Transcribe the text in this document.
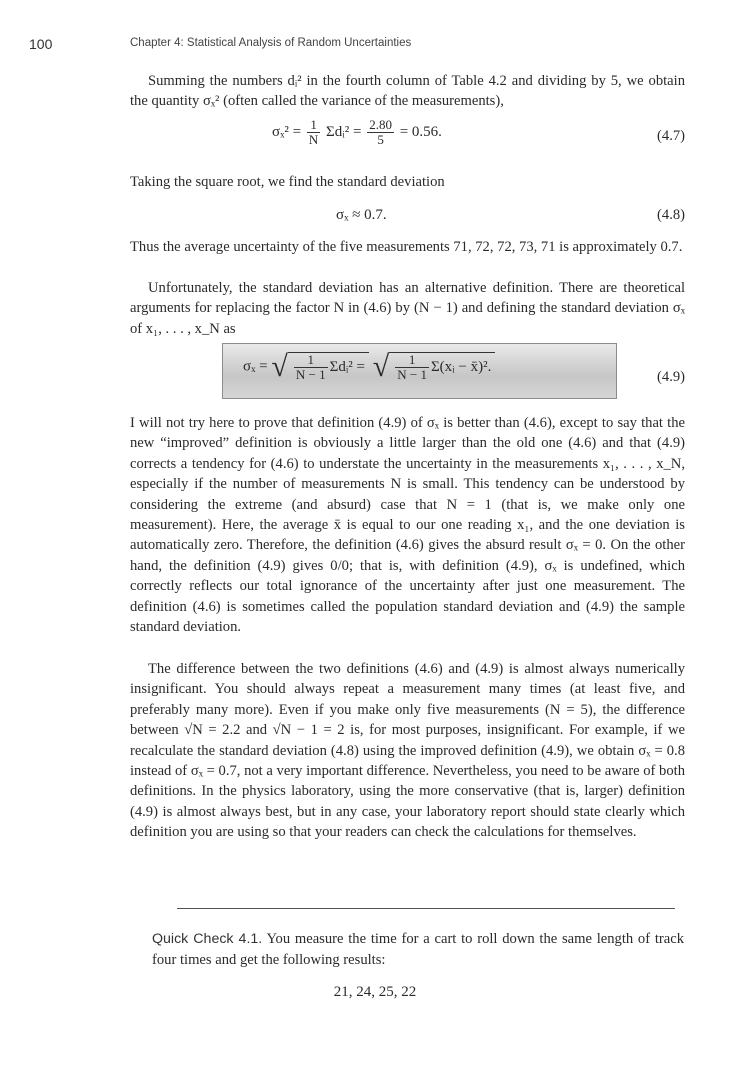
100	Chapter 4: Statistical Analysis of Random Uncertainties
Summing the numbers dᵢ² in the fourth column of Table 4.2 and dividing by 5, we obtain the quantity σₓ² (often called the variance of the measurements),
$\sigma_x^2 = \frac{1}{N}$ Σdᵢ² = $\frac{2.80}{5} = 0.56$.	(4.7)
Taking the square root, we find the standard deviation
σₓ ≈ 0.7.	(4.8)
Thus the average uncertainty of the five measurements 71, 72, 72, 73, 71 is approximately 0.7.
Unfortunately, the standard deviation has an alternative definition. There are theoretical arguments for replacing the factor N in (4.6) by (N − 1) and defining the standard deviation σₓ of x₁, . . . , x_N as
σₓ = √ $\frac{1}{N - 1}$ Σdᵢ² = √ $\frac{1}{N - 1}$ Σ(xᵢ − x̄)².
(4.9)
I will not try here to prove that definition (4.9) of σₓ is better than (4.6), except to say that the new “improved” definition is obviously a little larger than the old one (4.6) and that (4.9) corrects a tendency for (4.6) to understate the uncertainty in the measurements x₁, . . . , x_N, especially if the number of measurements N is small. This tendency can be understood by considering the extreme (and absurd) case that N = 1 (that is, we make only one measurement). Here, the average x̄ is equal to our one reading x₁, and the one deviation is automatically zero. Therefore, the definition (4.6) gives the absurd result σₓ = 0. On the other hand, the definition (4.9) gives 0/0; that is, with definition (4.9), σₓ is undefined, which correctly reflects our total ignorance of the uncertainty after just one measurement. The definition (4.6) is sometimes called the population standard deviation and (4.9) the sample standard deviation.
The difference between the two definitions (4.6) and (4.9) is almost always numerically insignificant. You should always repeat a measurement many times (at least five, and preferably many more). Even if you make only five measurements (N = 5), the difference between √N = 2.2 and √N − 1 = 2 is, for most purposes, insignificant. For example, if we recalculate the standard deviation (4.8) using the improved definition (4.9), we obtain σₓ = 0.8 instead of σₓ = 0.7, not a very important difference. Nevertheless, you need to be aware of both definitions. In the physics laboratory, using the more conservative (that is, larger) definition (4.9) is almost always best, but in any case, your laboratory report should state clearly which definition you are using so that your readers can check the calculations for themselves.
Quick Check 4.1. You measure the time for a cart to roll down the same length of track four times and get the following results:
21, 24, 25, 22
